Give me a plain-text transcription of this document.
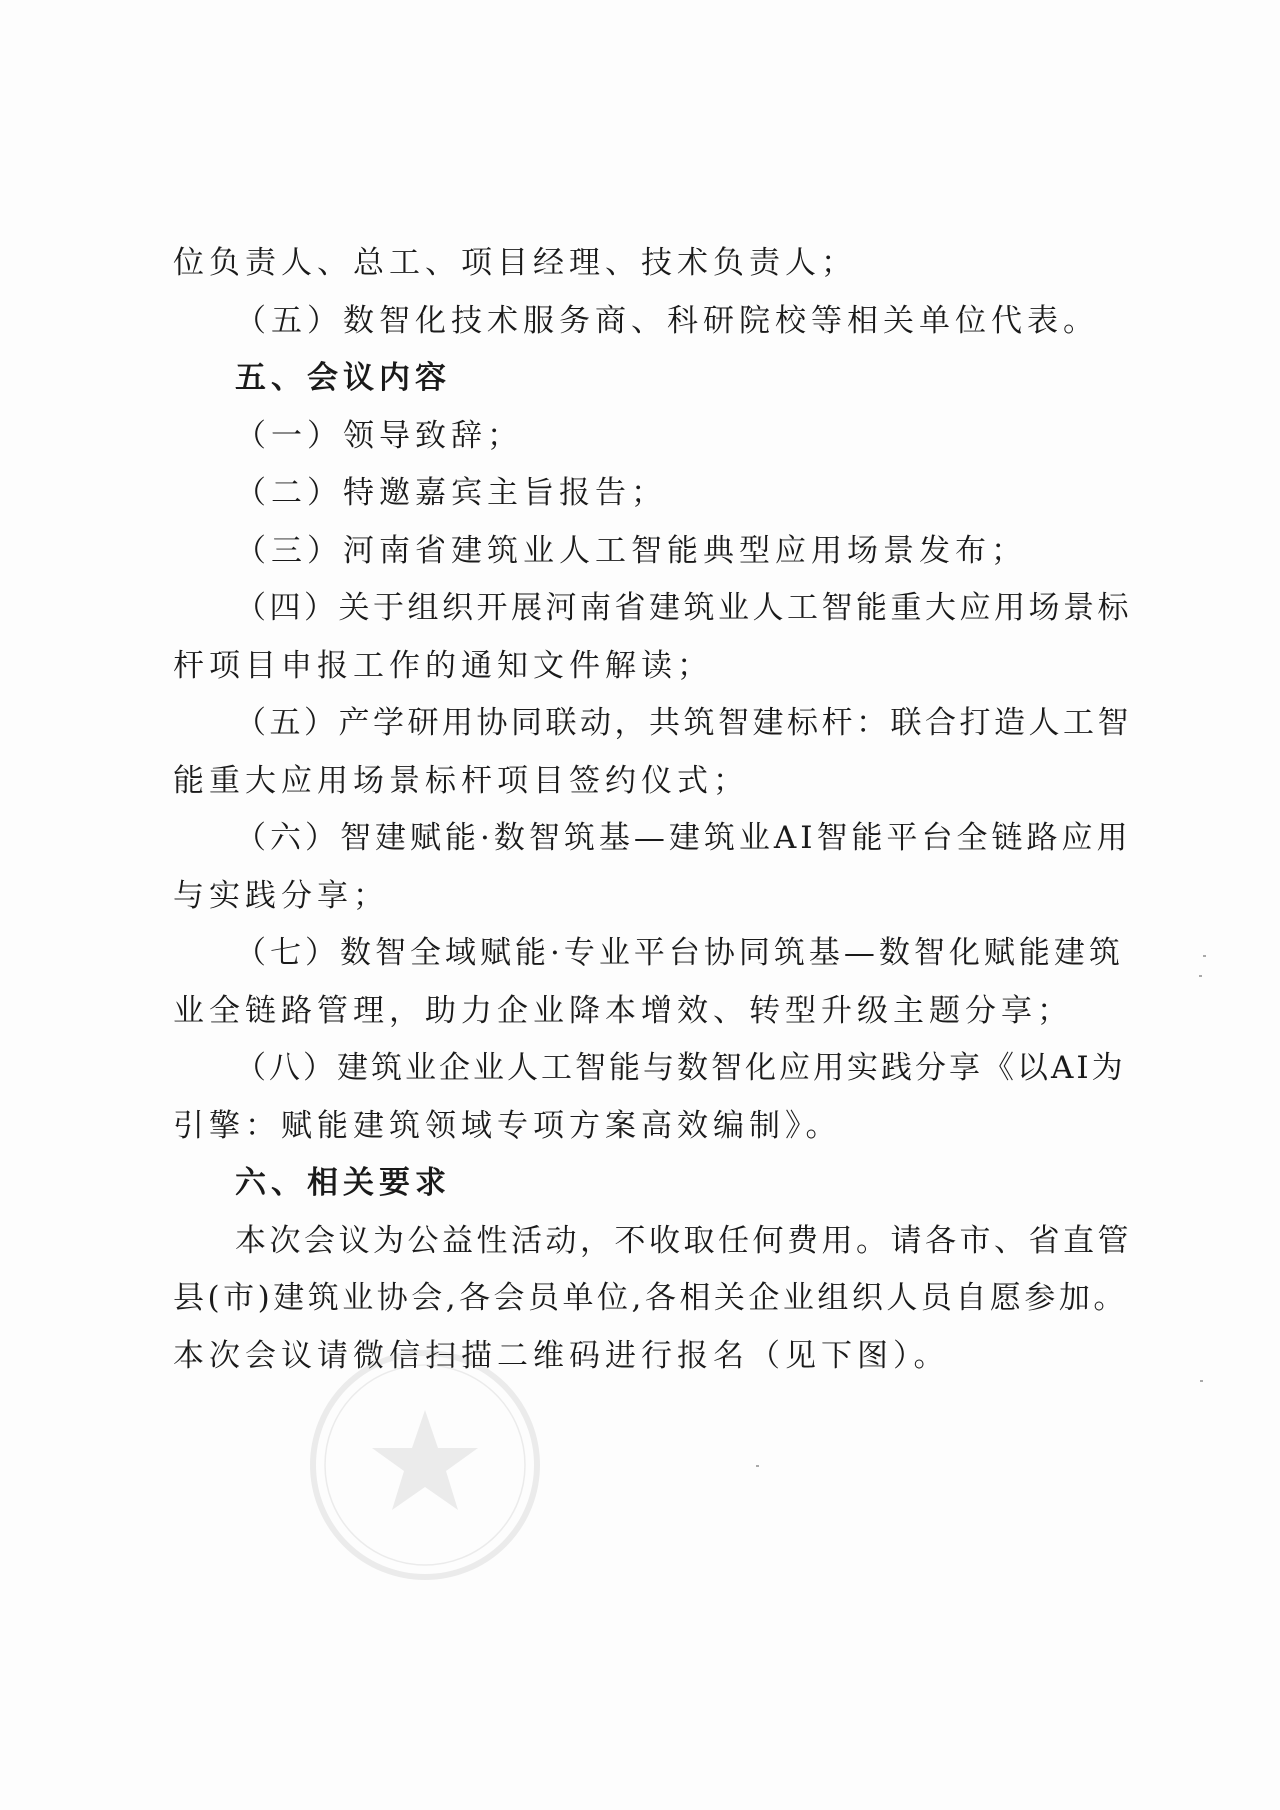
位负责人、总工、项目经理、技术负责人；
（五）数智化技术服务商、科研院校等相关单位代表。
五、会议内容
（一）领导致辞；
（二）特邀嘉宾主旨报告；
（三）河南省建筑业人工智能典型应用场景发布；
（四）关于组织开展河南省建筑业人工智能重大应用场景标
杆项目申报工作的通知文件解读；
（五）产学研用协同联动，共筑智建标杆：联合打造人工智
能重大应用场景标杆项目签约仪式；
（六）智建赋能·数智筑基—建筑业AI智能平台全链路应用
与实践分享；
（七）数智全域赋能·专业平台协同筑基—数智化赋能建筑
业全链路管理，助力企业降本增效、转型升级主题分享；
（八）建筑业企业人工智能与数智化应用实践分享《以AI为
引擎：赋能建筑领域专项方案高效编制》。
六、相关要求
本次会议为公益性活动，不收取任何费用。请各市、省直管
县(市)建筑业协会,各会员单位,各相关企业组织人员自愿参加。
本次会议请微信扫描二维码进行报名（见下图）。
